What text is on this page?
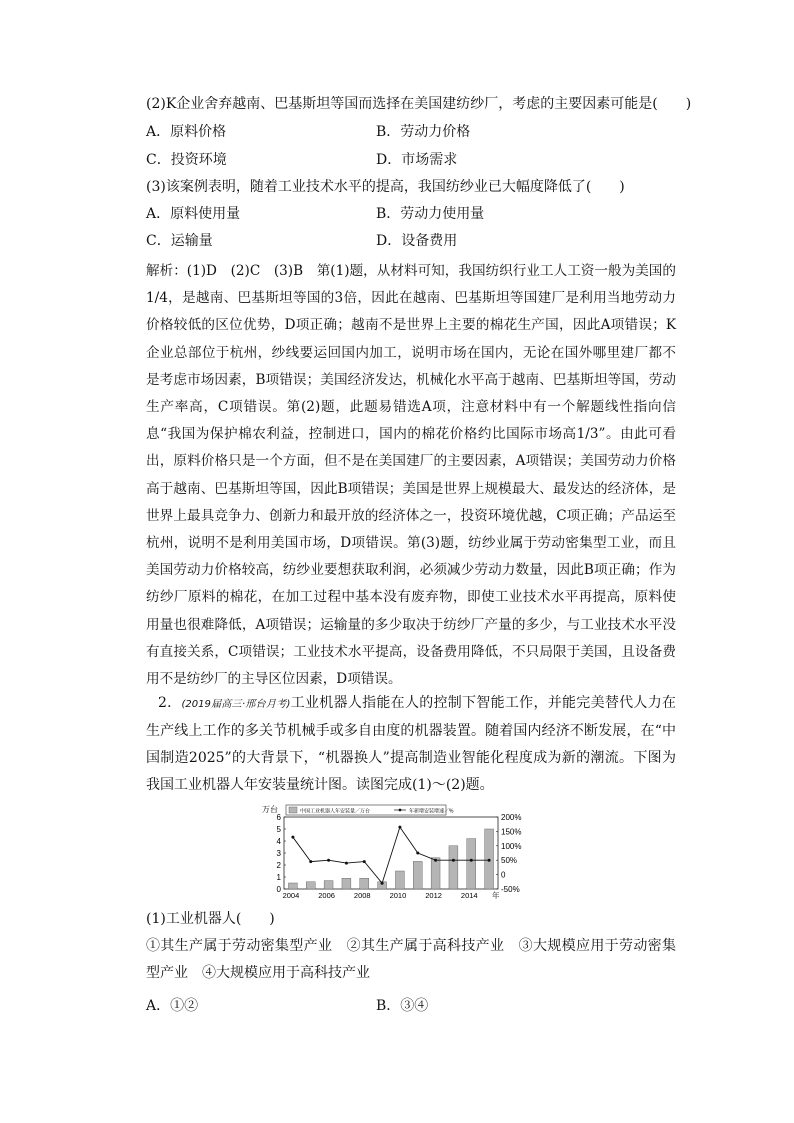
(2)K企业舍弃越南、巴基斯坦等国而选择在美国建纺纱厂，考虑的主要因素可能是(　　)
A．原料价格	B．劳动力价格
C．投资环境	D．市场需求
(3)该案例表明，随着工业技术水平的提高，我国纺纱业已大幅度降低了(　　)
A．原料使用量	B．劳动力使用量
C．运输量	D．设备费用
解析：(1)D　(2)C　(3)B　第(1)题，从材料可知，我国纺织行业工人工资一般为美国的1/4，是越南、巴基斯坦等国的3倍，因此在越南、巴基斯坦等国建厂是利用当地劳动力价格较低的区位优势，D项正确；越南不是世界上主要的棉花生产国，因此A项错误；K企业总部位于杭州，纱线要运回国内加工，说明市场在国内，无论在国外哪里建厂都不是考虑市场因素，B项错误；美国经济发达，机械化水平高于越南、巴基斯坦等国，劳动生产率高，C项错误。第(2)题，此题易错选A项，注意材料中有一个解题线性指向信息“我国为保护棉农利益，控制进口，国内的棉花价格约比国际市场高1/3”。由此可看出，原料价格只是一个方面，但不是在美国建厂的主要因素，A项错误；美国劳动力价格高于越南、巴基斯坦等国，因此B项错误；美国是世界上规模最大、最发达的经济体，是世界上最具竞争力、创新力和最开放的经济体之一，投资环境优越，C项正确；产品运至杭州，说明不是利用美国市场，D项错误。第(3)题，纺纱业属于劳动密集型工业，而且美国劳动力价格较高，纺纱业要想获取利润，必须减少劳动力数量，因此B项正确；作为纺纱厂原料的棉花，在加工过程中基本没有废弃物，即使工业技术水平再提高，原料使用量也很难降低，A项错误；运输量的多少取决于纺纱厂产量的多少，与工业技术水平没有直接关系，C项错误；工业技术水平提高，设备费用降低，不只局限于美国，且设备费用不是纺纱厂的主导区位因素，D项错误。
2．(2019届高三·邢台月考)工业机器人指能在人的控制下智能工作，并能完美替代人力在生产线上工作的多关节机械手或多自由度的机器装置。随着国内经济不断发展，在“中国制造2025”的大背景下，“机器换人”提高制造业智能化程度成为新的潮流。下图为我国工业机器人年安装量统计图。读图完成(1)～(2)题。
中国工业机器人年安装量／万台	年新增安装增速／%
万台
0
1
2
3
4
5
6
-50%
0
50%
100%
150%
200%
2004	2006	2008	2010	2012	2014 年
(1)工业机器人(　　)
①其生产属于劳动密集型产业　②其生产属于高科技产业　③大规模应用于劳动密集型产业　④大规模应用于高科技产业
A．①②	B．③④
